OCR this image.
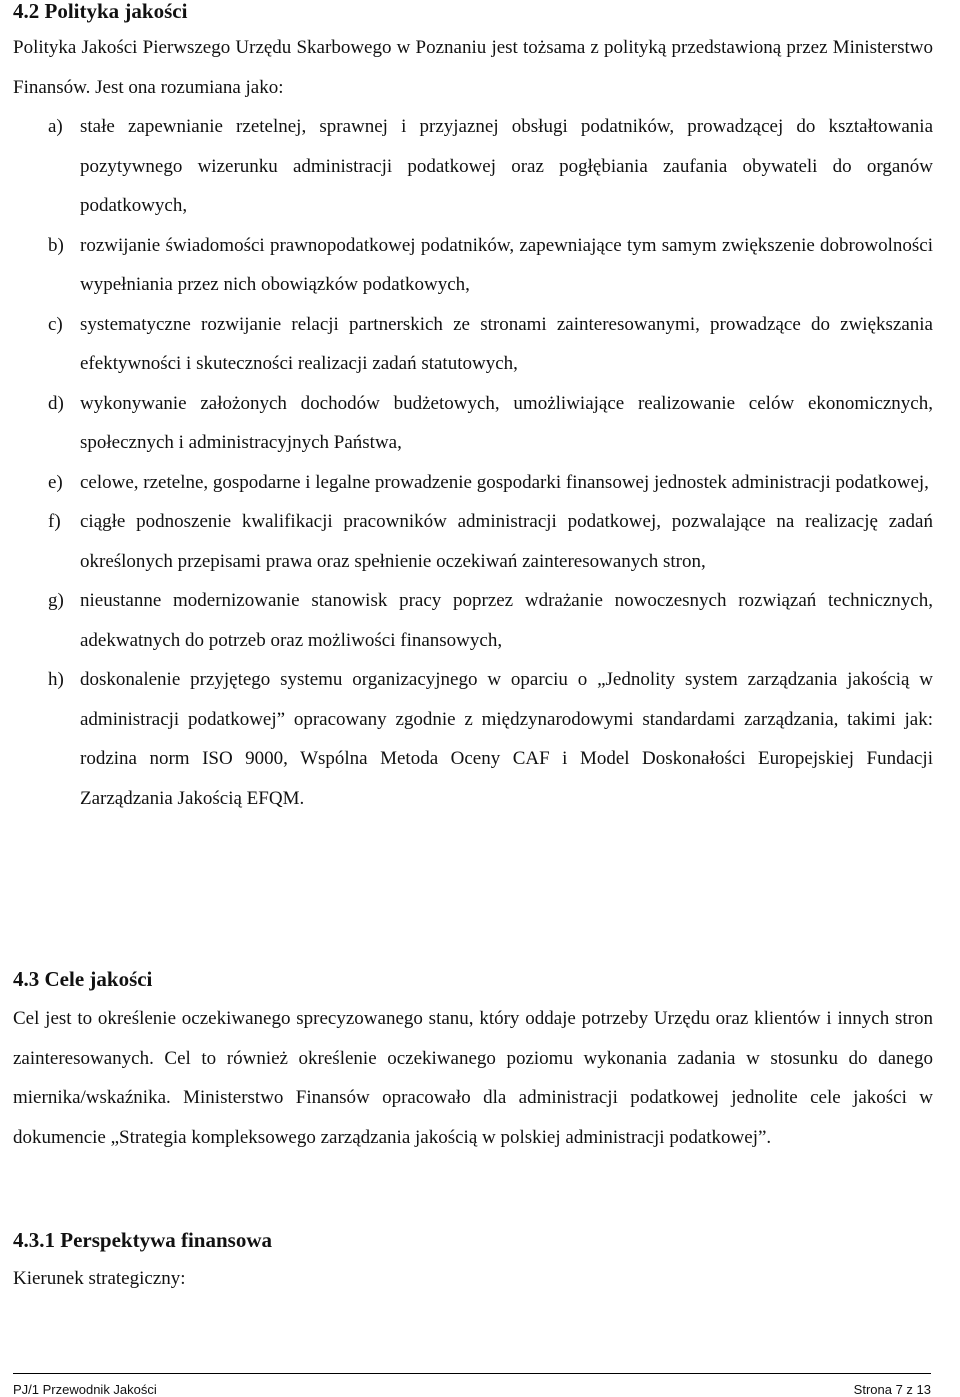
4.2 Polityka jakości

Polityka Jakości Pierwszego Urzędu Skarbowego w Poznaniu jest tożsama z polityką przedstawioną przez Ministerstwo Finansów. Jest ona rozumiana jako:

a) stałe zapewnianie rzetelnej, sprawnej i przyjaznej obsługi podatników, prowadzącej do kształtowania pozytywnego wizerunku administracji podatkowej oraz pogłębiania zaufania obywateli do organów podatkowych,
b) rozwijanie świadomości prawnopodatkowej podatników, zapewniające tym samym zwiększenie dobrowolności wypełniania przez nich obowiązków podatkowych,
c) systematyczne rozwijanie relacji partnerskich ze stronami zainteresowanymi, prowadzące do zwiększania efektywności i skuteczności realizacji zadań statutowych,
d) wykonywanie założonych dochodów budżetowych, umożliwiające realizowanie celów ekonomicznych, społecznych i administracyjnych Państwa,
e) celowe, rzetelne, gospodarne i legalne prowadzenie gospodarki finansowej jednostek administracji podatkowej,
f) ciągłe podnoszenie kwalifikacji pracowników administracji podatkowej, pozwalające na realizację zadań określonych przepisami prawa oraz spełnienie oczekiwań zainteresowanych stron,
g) nieustanne modernizowanie stanowisk pracy poprzez wdrażanie nowoczesnych rozwiązań technicznych, adekwatnych do potrzeb oraz możliwości finansowych,
h) doskonalenie przyjętego systemu organizacyjnego w oparciu o „Jednolity system zarządzania jakością w administracji podatkowej” opracowany zgodnie z międzynarodowymi standardami zarządzania, takimi jak: rodzina norm ISO 9000, Wspólna Metoda Oceny CAF i Model Doskonałości Europejskiej Fundacji Zarządzania Jakością EFQM.
4.3 Cele jakości

Cel jest to określenie oczekiwanego sprecyzowanego stanu, który oddaje potrzeby Urzędu oraz klientów i innych stron zainteresowanych. Cel to również określenie oczekiwanego poziomu wykonania zadania w stosunku do danego miernika/wskaźnika. Ministerstwo Finansów opracowało dla administracji podatkowej jednolite cele jakości w dokumencie „Strategia kompleksowego zarządzania jakością w polskiej administracji podatkowej”.

4.3.1 Perspektywa finansowa

Kierunek strategiczny:

PJ/1 Przewodnik Jakości	Strona 7 z 13
